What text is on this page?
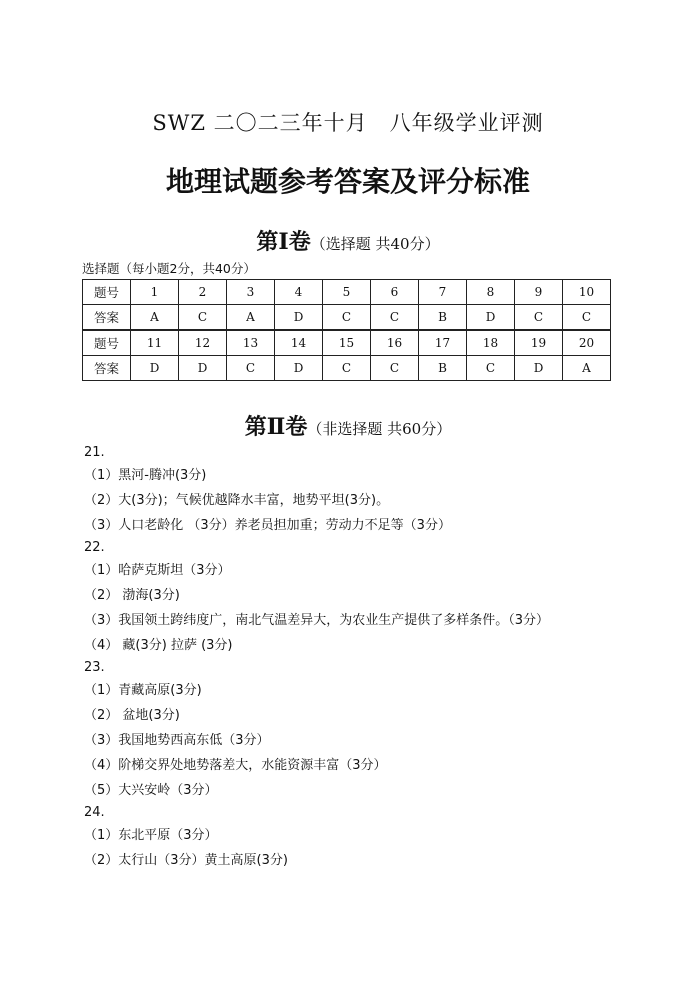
SWZ 二〇二三年十月　八年级学业评测
地理试题参考答案及评分标准
第Ⅰ卷（选择题 共40分）
选择题（每小题2分，共40分）
题号	1	2	3	4	5	6	7	8	9	10
答案	A	C	A	D	C	C	B	D	C	C
题号	11	12	13	14	15	16	17	18	19	20
答案	D	D	C	D	C	C	B	C	D	A
第Ⅱ卷（非选择题 共60分）
21.
（1）黑河-腾冲(3分)
（2）大(3分)；气候优越降水丰富，地势平坦(3分)。
（3）人口老龄化 （3分）养老员担加重；劳动力不足等（3分）
22.
（1）哈萨克斯坦（3分）
（2） 渤海(3分)
（3）我国领土跨纬度广，南北气温差异大，为农业生产提供了多样条件。（3分）
（4） 藏(3分) 拉萨 (3分)
23.
（1）青藏高原(3分)
（2） 盆地(3分)
（3）我国地势西高东低（3分）
（4）阶梯交界处地势落差大，水能资源丰富（3分）
（5）大兴安岭（3分）
24.
（1）东北平原（3分）
（2）太行山（3分）黄土高原(3分)
